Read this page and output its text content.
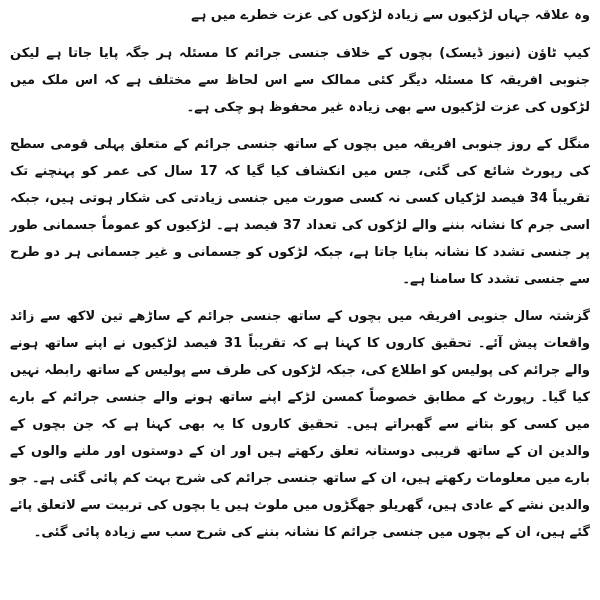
وہ علاقہ جہاں لڑکیوں سے زیادہ لڑکوں کی عزت خطرے میں ہے

کیپ ٹاؤن (نیوز ڈیسک) بچوں کے خلاف جنسی جرائم کا مسئلہ ہر جگہ پایا جاتا ہے لیکن جنوبی افریقہ کا مسئلہ دیگر کئی ممالک سے اس لحاظ سے مختلف ہے کہ اس ملک میں لڑکوں کی عزت لڑکیوں سے بھی زیادہ غیر محفوظ ہو چکی ہے۔

منگل کے روز جنوبی افریقہ میں بچوں کے ساتھ جنسی جرائم کے متعلق پہلی قومی سطح کی رپورٹ شائع کی گئی، جس میں انکشاف کیا گیا کہ 17 سال کی عمر کو پہنچنے تک تقریباً 34 فیصد لڑکیاں کسی نہ کسی صورت میں جنسی زیادتی کی شکار ہوتی ہیں، جبکہ اسی جرم کا نشانہ بننے والے لڑکوں کی تعداد 37 فیصد ہے۔ لڑکیوں کو عموماً جسمانی طور پر جنسی تشدد کا نشانہ بنایا جاتا ہے، جبکہ لڑکوں کو جسمانی و غیر جسمانی ہر دو طرح سے جنسی تشدد کا سامنا ہے۔

گزشتہ سال جنوبی افریقہ میں بچوں کے ساتھ جنسی جرائم کے ساڑھے تین لاکھ سے زائد واقعات پیش آئے۔ تحقیق کاروں کا کہنا ہے کہ تقریباً 31 فیصد لڑکیوں نے اپنے ساتھ ہونے والے جرائم کی پولیس کو اطلاع کی، جبکہ لڑکوں کی طرف سے پولیس کے ساتھ رابطہ نہیں کیا گیا۔ رپورٹ کے مطابق خصوصاً کمسن لڑکے اپنے ساتھ ہونے والے جنسی جرائم کے بارے میں کسی کو بتانے سے گھبراتے ہیں۔ تحقیق کاروں کا یہ بھی کہنا ہے کہ جن بچوں کے والدین ان کے ساتھ قریبی دوستانہ تعلق رکھتے ہیں اور ان کے دوستوں اور ملنے والوں کے بارے میں معلومات رکھتے ہیں، ان کے ساتھ جنسی جرائم کی شرح بہت کم پائی گئی ہے۔ جو والدین نشے کے عادی ہیں، گھریلو جھگڑوں میں ملوث ہیں یا بچوں کی تربیت سے لاتعلق پائے گئے ہیں، ان کے بچوں میں جنسی جرائم کا نشانہ بننے کی شرح سب سے زیادہ پائی گئی۔
